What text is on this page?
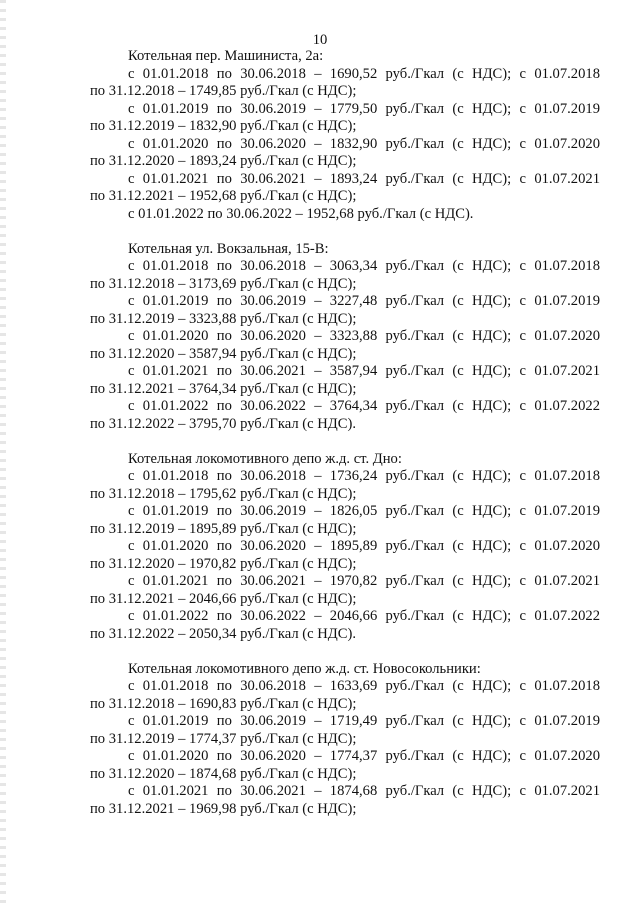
10
Котельная пер. Машиниста, 2а:
с 01.01.2018 по 30.06.2018 – 1690,52 руб./Гкал (с НДС); с 01.07.2018
по 31.12.2018 – 1749,85 руб./Гкал (с НДС);
с 01.01.2019 по 30.06.2019 – 1779,50 руб./Гкал (с НДС); с 01.07.2019
по 31.12.2019 – 1832,90 руб./Гкал (с НДС);
с 01.01.2020 по 30.06.2020 – 1832,90 руб./Гкал (с НДС); с 01.07.2020
по 31.12.2020 – 1893,24 руб./Гкал (с НДС);
с 01.01.2021 по 30.06.2021 – 1893,24 руб./Гкал (с НДС); с 01.07.2021
по 31.12.2021 – 1952,68 руб./Гкал (с НДС);
с 01.01.2022 по 30.06.2022 – 1952,68 руб./Гкал (с НДС).
Котельная ул. Вокзальная, 15-В:
с 01.01.2018 по 30.06.2018 – 3063,34 руб./Гкал (с НДС); с 01.07.2018
по 31.12.2018 – 3173,69 руб./Гкал (с НДС);
с 01.01.2019 по 30.06.2019 – 3227,48 руб./Гкал (с НДС); с 01.07.2019
по 31.12.2019 – 3323,88 руб./Гкал (с НДС);
с 01.01.2020 по 30.06.2020 – 3323,88 руб./Гкал (с НДС); с 01.07.2020
по 31.12.2020 – 3587,94 руб./Гкал (с НДС);
с 01.01.2021 по 30.06.2021 – 3587,94 руб./Гкал (с НДС); с 01.07.2021
по 31.12.2021 – 3764,34 руб./Гкал (с НДС);
с 01.01.2022 по 30.06.2022 – 3764,34 руб./Гкал (с НДС); с 01.07.2022
по 31.12.2022 – 3795,70 руб./Гкал (с НДС).
Котельная локомотивного депо ж.д. ст. Дно:
с 01.01.2018 по 30.06.2018 – 1736,24 руб./Гкал (с НДС); с 01.07.2018
по 31.12.2018 – 1795,62 руб./Гкал (с НДС);
с 01.01.2019 по 30.06.2019 – 1826,05 руб./Гкал (с НДС); с 01.07.2019
по 31.12.2019 – 1895,89 руб./Гкал (с НДС);
с 01.01.2020 по 30.06.2020 – 1895,89 руб./Гкал (с НДС); с 01.07.2020
по 31.12.2020 – 1970,82 руб./Гкал (с НДС);
с 01.01.2021 по 30.06.2021 – 1970,82 руб./Гкал (с НДС); с 01.07.2021
по 31.12.2021 – 2046,66 руб./Гкал (с НДС);
с 01.01.2022 по 30.06.2022 – 2046,66 руб./Гкал (с НДС); с 01.07.2022
по 31.12.2022 – 2050,34 руб./Гкал (с НДС).
Котельная локомотивного депо ж.д. ст. Новосокольники:
с 01.01.2018 по 30.06.2018 – 1633,69 руб./Гкал (с НДС); с 01.07.2018
по 31.12.2018 – 1690,83 руб./Гкал (с НДС);
с 01.01.2019 по 30.06.2019 – 1719,49 руб./Гкал (с НДС); с 01.07.2019
по 31.12.2019 – 1774,37 руб./Гкал (с НДС);
с 01.01.2020 по 30.06.2020 – 1774,37 руб./Гкал (с НДС); с 01.07.2020
по 31.12.2020 – 1874,68 руб./Гкал (с НДС);
с 01.01.2021 по 30.06.2021 – 1874,68 руб./Гкал (с НДС); с 01.07.2021
по 31.12.2021 – 1969,98 руб./Гкал (с НДС);
